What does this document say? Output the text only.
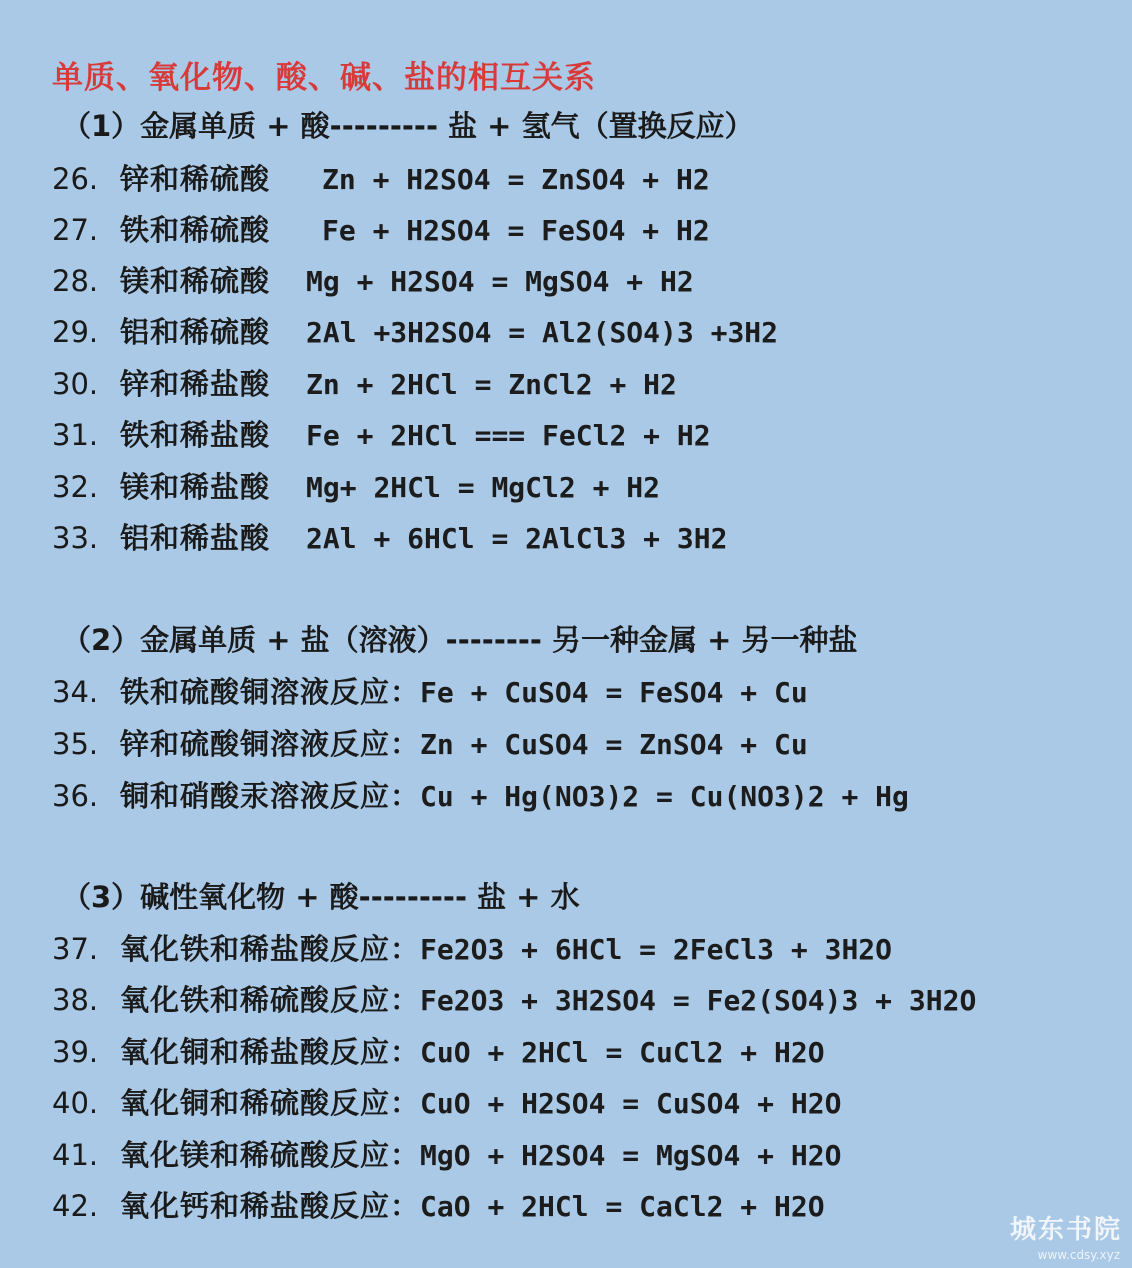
单质、氧化物、酸、碱、盐的相互关系
（1）金属单质 + 酸--------- 盐 + 氢气（置换反应）
26. 锌和稀硫酸 Zn + H2SO4 = ZnSO4 + H2
27. 铁和稀硫酸 Fe + H2SO4 = FeSO4 + H2
28. 镁和稀硫酸 Mg + H2SO4 = MgSO4 + H2
29. 铝和稀硫酸 2Al +3H2SO4 = Al2(SO4)3 +3H2
30. 锌和稀盐酸 Zn + 2HCl = ZnCl2 + H2
31. 铁和稀盐酸 Fe + 2HCl === FeCl2 + H2
32. 镁和稀盐酸 Mg+ 2HCl = MgCl2 + H2
33. 铝和稀盐酸 2Al + 6HCl = 2AlCl3 + 3H2
（2）金属单质 + 盐（溶液）-------- 另一种金属 + 另一种盐
34. 铁和硫酸铜溶液反应：Fe + CuSO4 = FeSO4 + Cu
35. 锌和硫酸铜溶液反应：Zn + CuSO4 = ZnSO4 + Cu
36. 铜和硝酸汞溶液反应：Cu + Hg(NO3)2 = Cu(NO3)2 + Hg
（3）碱性氧化物 + 酸--------- 盐 + 水
37. 氧化铁和稀盐酸反应：Fe2O3 + 6HCl = 2FeCl3 + 3H2O
38. 氧化铁和稀硫酸反应：Fe2O3 + 3H2SO4 = Fe2(SO4)3 + 3H2O
39. 氧化铜和稀盐酸反应：CuO + 2HCl = CuCl2 + H2O
40. 氧化铜和稀硫酸反应：CuO + H2SO4 = CuSO4 + H2O
41. 氧化镁和稀硫酸反应：MgO + H2SO4 = MgSO4 + H2O
42. 氧化钙和稀盐酸反应：CaO + 2HCl = CaCl2 + H2O
城东书院
www.cdsy.xyz
